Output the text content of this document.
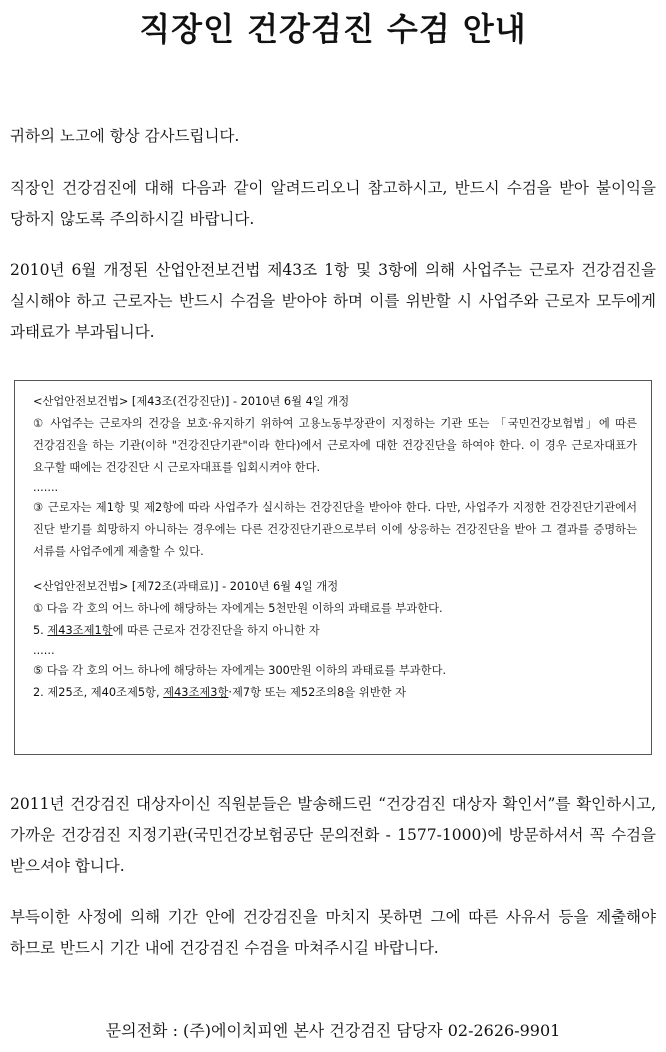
직장인 건강검진 수검 안내
귀하의 노고에 항상 감사드립니다.
직장인 건강검진에 대해 다음과 같이 알려드리오니 참고하시고, 반드시 수검을 받아 불이익을 당하지 않도록 주의하시길 바랍니다.
2010년 6월 개정된 산업안전보건법 제43조 1항 및 3항에 의해 사업주는 근로자 건강검진을 실시해야 하고 근로자는 반드시 수검을 받아야 하며 이를 위반할 시 사업주와 근로자 모두에게 과태료가 부과됩니다.
<산업안전보건법> [제43조(건강진단)] - 2010년 6월 4일 개정
① 사업주는 근로자의 건강을 보호·유지하기 위하여 고용노동부장관이 지정하는 기관 또는 「국민건강보험법」에 따른 건강검진을 하는 기관(이하 "건강진단기관"이라 한다)에서 근로자에 대한 건강진단을 하여야 한다. 이 경우 근로자대표가 요구할 때에는 건강진단 시 근로자대표를 입회시켜야 한다.
.......
③ 근로자는 제1항 및 제2항에 따라 사업주가 실시하는 건강진단을 받아야 한다. 다만, 사업주가 지정한 건강진단기관에서 진단 받기를 희망하지 아니하는 경우에는 다른 건강진단기관으로부터 이에 상응하는 건강진단을 받아 그 결과를 증명하는 서류를 사업주에게 제출할 수 있다.
<산업안전보건법> [제72조(과태료)] - 2010년 6월 4일 개정
① 다음 각 호의 어느 하나에 해당하는 자에게는 5천만원 이하의 과태료를 부과한다.
5. 제43조제1항에 따른 근로자 건강진단을 하지 아니한 자
......
⑤ 다음 각 호의 어느 하나에 해당하는 자에게는 300만원 이하의 과태료를 부과한다.
2. 제25조, 제40조제5항, 제43조제3항·제7항 또는 제52조의8을 위반한 자
2011년 건강검진 대상자이신 직원분들은 발송해드린 “건강검진 대상자 확인서”를 확인하시고, 가까운 건강검진 지정기관(국민건강보험공단 문의전화 - 1577-1000)에 방문하셔서 꼭 수검을 받으셔야 합니다.
부득이한 사정에 의해 기간 안에 건강검진을 마치지 못하면 그에 따른 사유서 등을 제출해야 하므로 반드시 기간 내에 건강검진 수검을 마쳐주시길 바랍니다.
문의전화 : (주)에이치피엔 본사 건강검진 담당자 02-2626-9901
